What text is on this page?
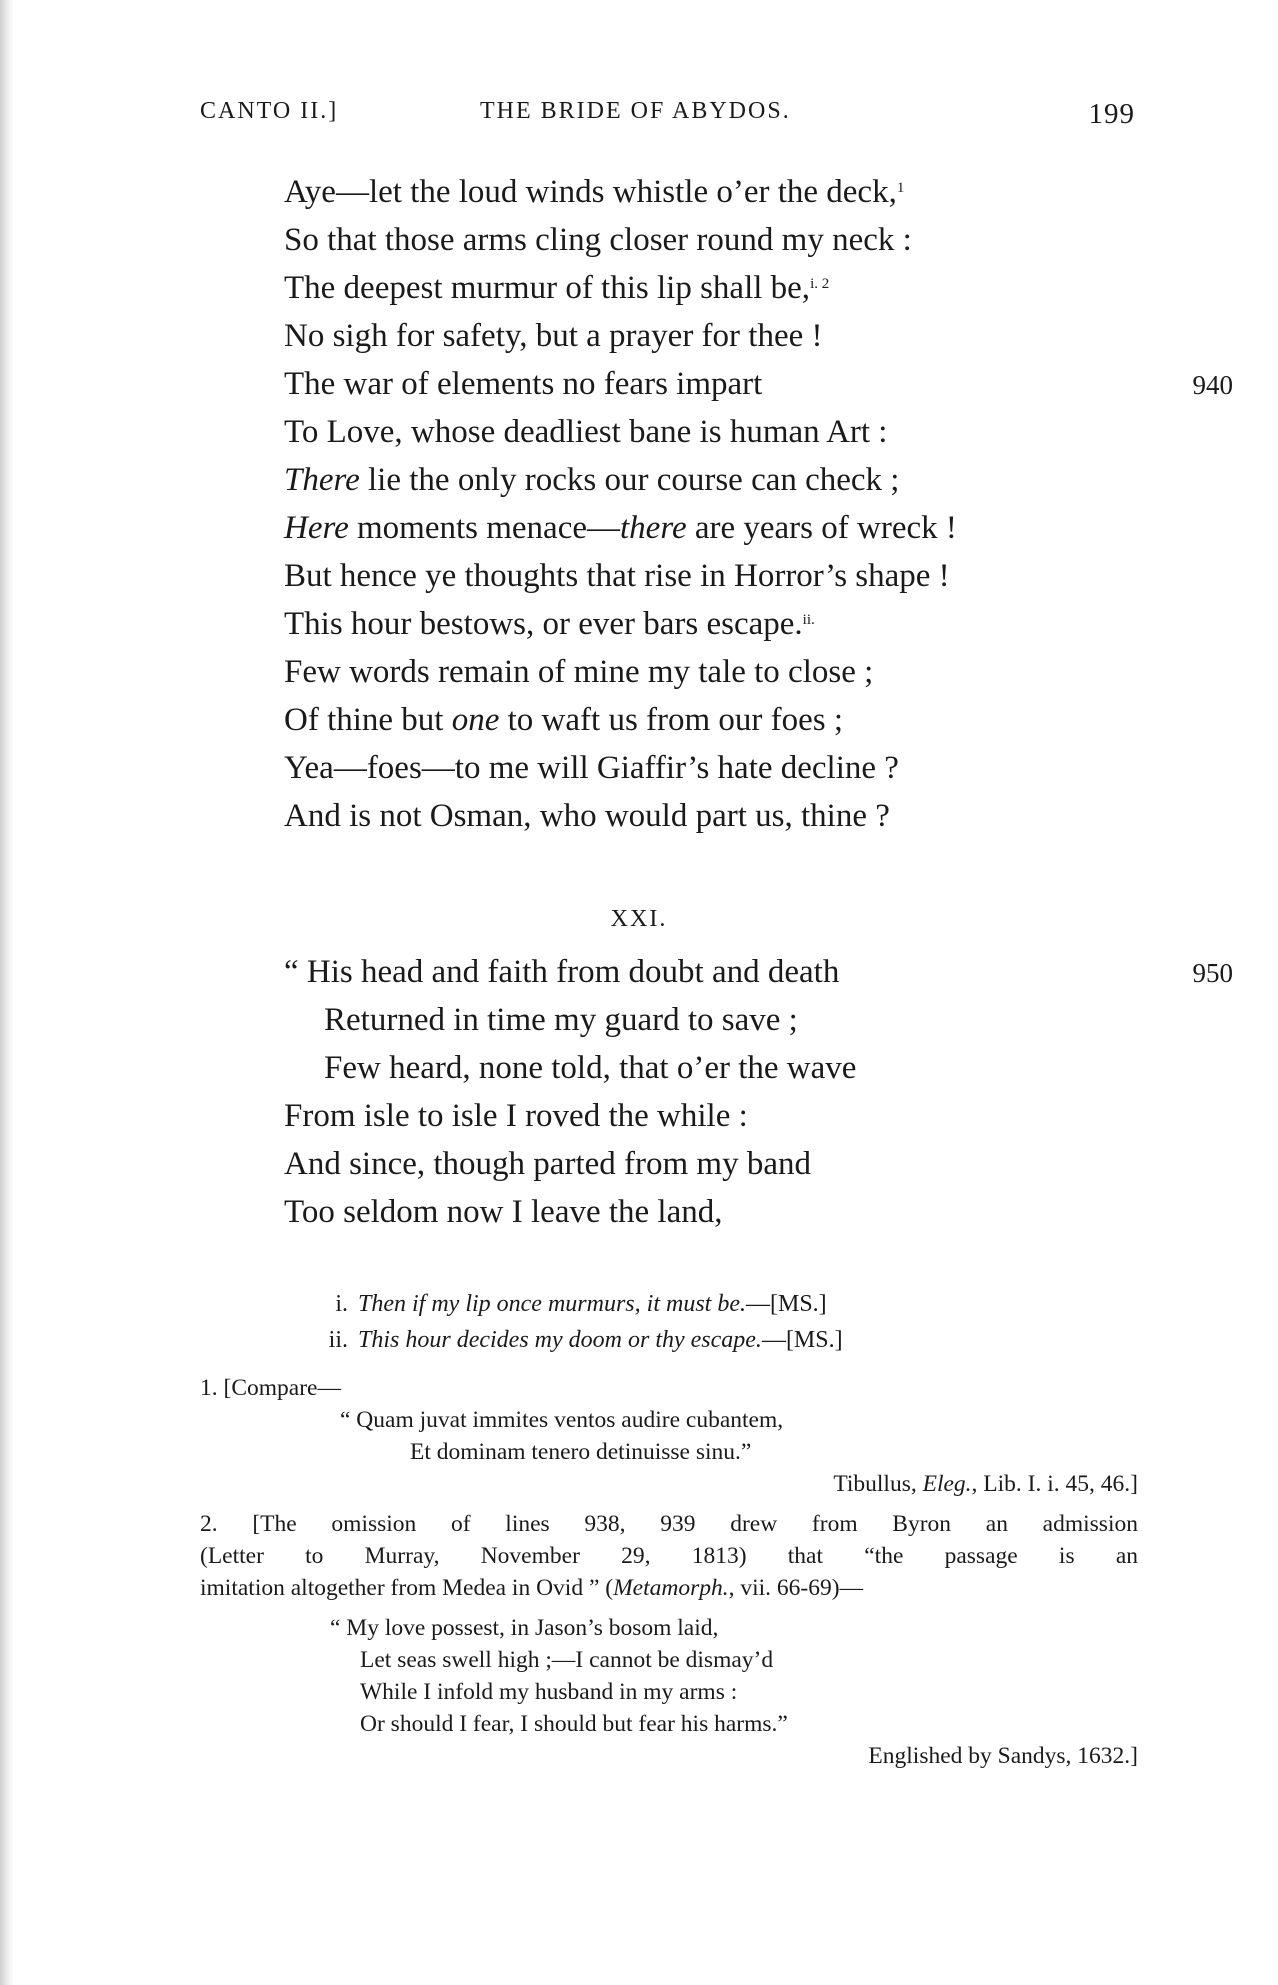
CANTO II.]	THE BRIDE OF ABYDOS.	199
Aye—let the loud winds whistle o’er the deck,$^1$
So that those arms cling closer round my neck :
The deepest murmur of this lip shall be,$^{i. 2}$
No sigh for safety, but a prayer for thee !
The war of elements no fears impart
To Love, whose deadliest bane is human Art :
There lie the only rocks our course can check ;
Here moments menace—there are years of wreck !
But hence ye thoughts that rise in Horror’s shape !
This hour bestows, or ever bars escape.$^{ii.}$
Few words remain of mine my tale to close ;
Of thine but one to waft us from our foes ;
Yea—foes—to me will Giaffir’s hate decline ?
And is not Osman, who would part us, thine ?
940
XXI.
“ His head and faith from doubt and death
Returned in time my guard to save ;
Few heard, none told, that o’er the wave
From isle to isle I roved the while :
And since, though parted from my band
Too seldom now I leave the land,
950
i. Then if my lip once murmurs, it must be.—[MS.]
ii. This hour decides my doom or thy escape.—[MS.]
1. [Compare—
“ Quam juvat immites ventos audire cubantem,
Et dominam tenero detinuisse sinu.”
Tibullus, Eleg., Lib. I. i. 45, 46.]
2. [The omission of lines 938, 939 drew from Byron an admission
(Letter to Murray, November 29, 1813) that “the passage is an
imitation altogether from Medea in Ovid ” (Metamorph., vii. 66-69)—
“ My love possest, in Jason’s bosom laid,
Let seas swell high ;—I cannot be dismay’d
While I infold my husband in my arms :
Or should I fear, I should but fear his harms.”
Englished by Sandys, 1632.]
